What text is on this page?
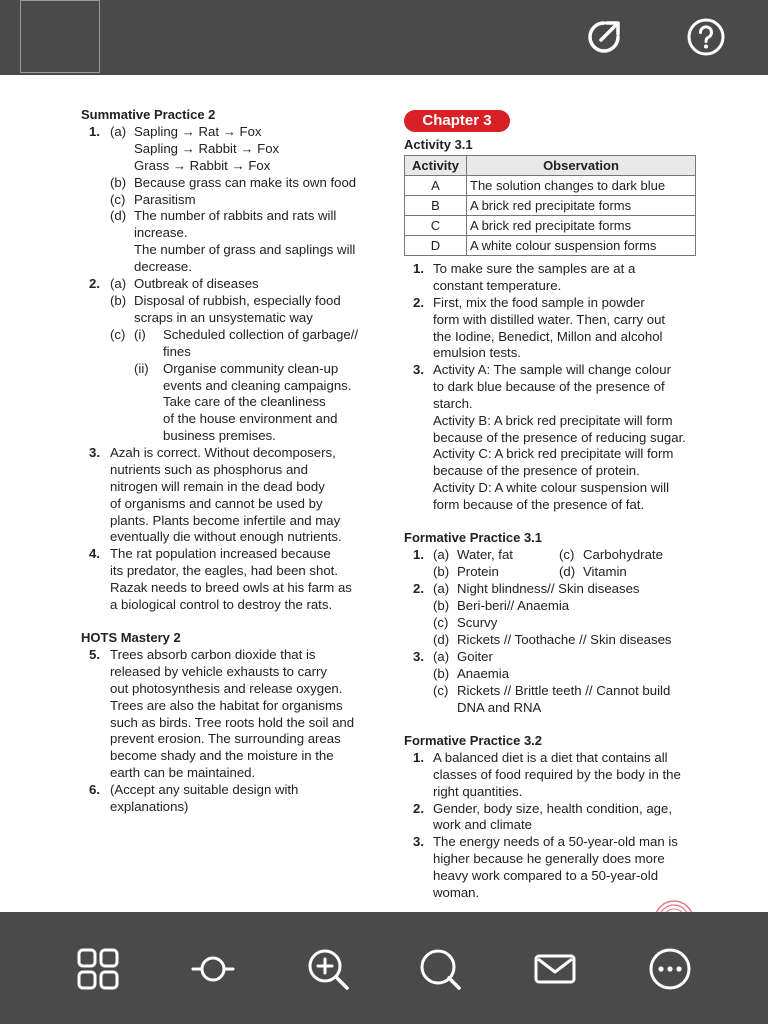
Summative Practice 2
1. (a) Sapling → Rat → Fox
Sapling → Rabbit → Fox
Grass → Rabbit → Fox
(b) Because grass can make its own food
(c) Parasitism
(d) The number of rabbits and rats will
increase.
The number of grass and saplings will
decrease.
2. (a) Outbreak of diseases
(b) Disposal of rubbish, especially food
scraps in an unsystematic way
(c) (i) Scheduled collection of garbage//
fines
(ii) Organise community clean-up
events and cleaning campaigns.
Take care of the cleanliness
of the house environment and
business premises.
3. Azah is correct. Without decomposers,
nutrients such as phosphorus and
nitrogen will remain in the dead body
of organisms and cannot be used by
plants. Plants become infertile and may
eventually die without enough nutrients.
4. The rat population increased because
its predator, the eagles, had been shot.
Razak needs to breed owls at his farm as
a biological control to destroy the rats.
HOTS Mastery 2
5. Trees absorb carbon dioxide that is
released by vehicle exhausts to carry
out photosynthesis and release oxygen.
Trees are also the habitat for organisms
such as birds. Tree roots hold the soil and
prevent erosion. The surrounding areas
become shady and the moisture in the
earth can be maintained.
6. (Accept any suitable design with
explanations)
Chapter 3
Activity 3.1
Activity	Observation
A	The solution changes to dark blue
B	A brick red precipitate forms
C	A brick red precipitate forms
D	A white colour suspension forms
1. To make sure the samples are at a
constant temperature.
2. First, mix the food sample in powder
form with distilled water. Then, carry out
the Iodine, Benedict, Millon and alcohol
emulsion tests.
3. Activity A: The sample will change colour
to dark blue because of the presence of
starch.
Activity B: A brick red precipitate will form
because of the presence of reducing sugar.
Activity C: A brick red precipitate will form
because of the presence of protein.
Activity D: A white colour suspension will
form because of the presence of fat.
Formative Practice 3.1
1. (a) Water, fat	(c) Carbohydrate
(b) Protein	(d) Vitamin
2. (a) Night blindness// Skin diseases
(b) Beri-beri// Anaemia
(c) Scurvy
(d) Rickets // Toothache // Skin diseases
3. (a) Goiter
(b) Anaemia
(c) Rickets // Brittle teeth // Cannot build
DNA and RNA
Formative Practice 3.2
1. A balanced diet is a diet that contains all
classes of food required by the body in the
right quantities.
2. Gender, body size, health condition, age,
work and climate
3. The energy needs of a 50-year-old man is
higher because he generally does more
heavy work compared to a 50-year-old
woman.
